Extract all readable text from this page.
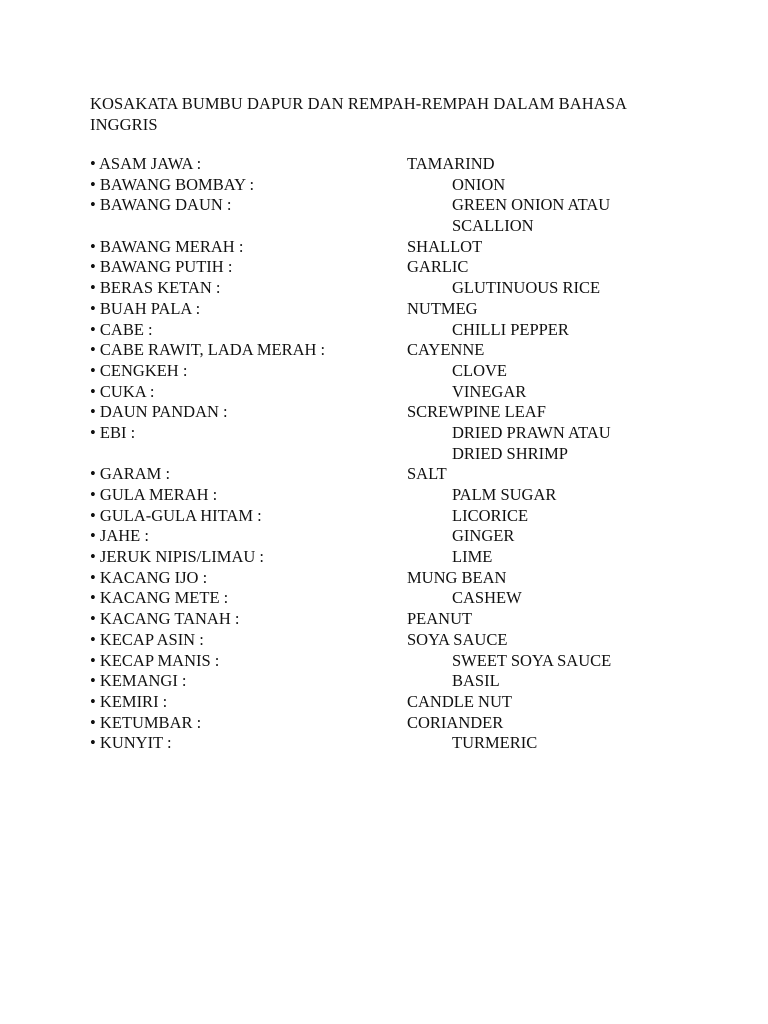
KOSAKATA BUMBU DAPUR DAN REMPAH-REMPAH DALAM BAHASA INGGRIS
• ASAM JAWA :	TAMARIND
• BAWANG BOMBAY :	ONION
• BAWANG DAUN :	GREEN ONION ATAU
SCALLION
• BAWANG MERAH :	SHALLOT
• BAWANG PUTIH :	GARLIC
• BERAS KETAN :	GLUTINUOUS RICE
• BUAH PALA :	NUTMEG
• CABE :	CHILLI PEPPER
• CABE RAWIT, LADA MERAH :	CAYENNE
• CENGKEH :	CLOVE
• CUKA :	VINEGAR
• DAUN PANDAN :	SCREWPINE LEAF
• EBI :	DRIED PRAWN ATAU
DRIED SHRIMP
• GARAM :	SALT
• GULA MERAH :	PALM SUGAR
• GULA-GULA HITAM :	LICORICE
• JAHE :	GINGER
• JERUK NIPIS/LIMAU :	LIME
• KACANG IJO :	MUNG BEAN
• KACANG METE :	CASHEW
• KACANG TANAH :	PEANUT
• KECAP ASIN :	SOYA SAUCE
• KECAP MANIS :	SWEET SOYA SAUCE
• KEMANGI :	BASIL
• KEMIRI :	CANDLE NUT
• KETUMBAR :	CORIANDER
• KUNYIT :	TURMERIC
